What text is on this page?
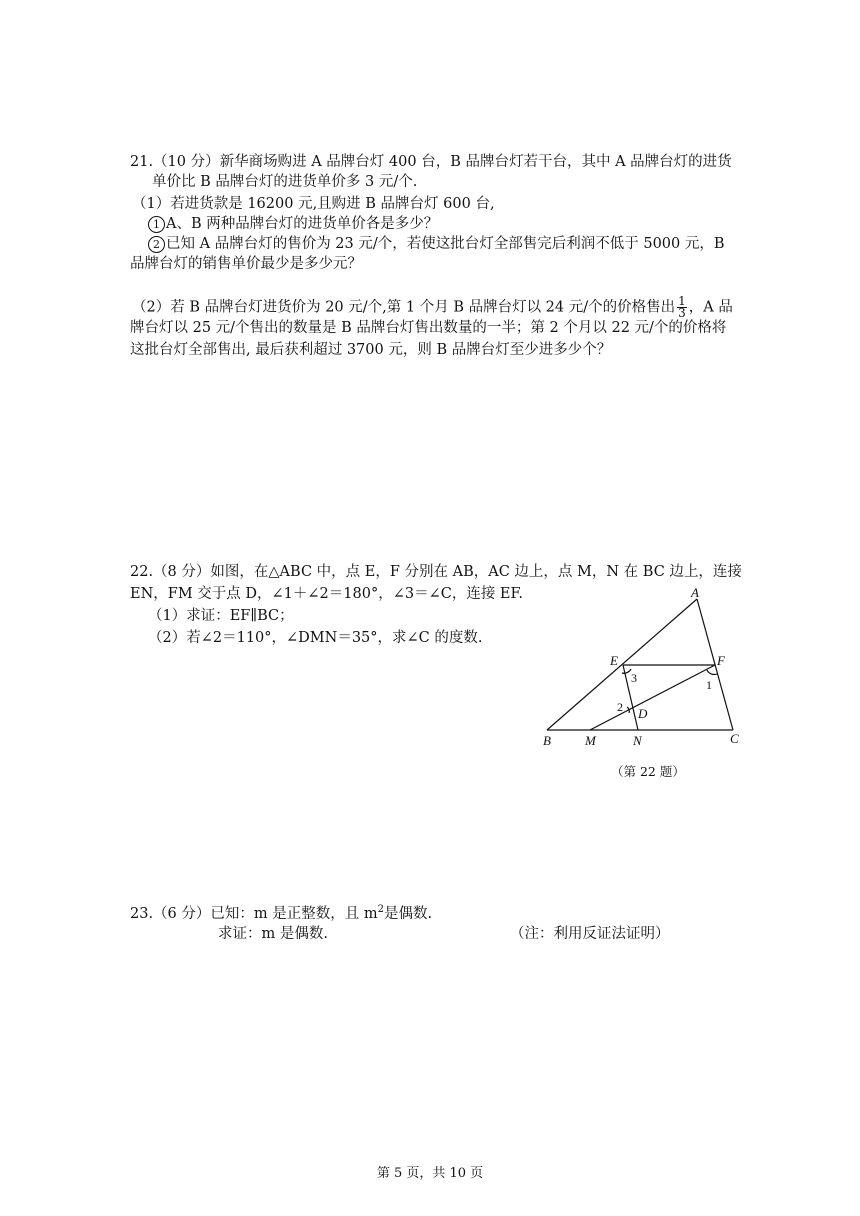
21.（10 分）新华商场购进 A 品牌台灯 400 台，B 品牌台灯若干台，其中 A 品牌台灯的进货
单价比 B 品牌台灯的进货单价多 3 元/个.
（1）若进货款是 16200 元,且购进 B 品牌台灯 600 台,
1 A、B 两种品牌台灯的进货单价各是多少？
2 已知 A 品牌台灯的售价为 23 元/个，若使这批台灯全部售完后利润不低于 5000 元，B
品牌台灯的销售单价最少是多少元？
（2）若 B 品牌台灯进货价为 20 元/个,第 1 个月 B 品牌台灯以 24 元/个的价格售出 $\frac{1}{3}$ ，A 品
牌台灯以 25 元/个售出的数量是 B 品牌台灯售出数量的一半；第 2 个月以 22 元/个的价格将
这批台灯全部售出, 最后获利超过 3700 元，则 B 品牌台灯至少进多少个？
22.（8 分）如图，在△ABC 中，点 E，F 分别在 AB，AC 边上，点 M，N 在 BC 边上，连接
EN，FM 交于点 D，∠1＋∠2＝180°，∠3＝∠C，连接 EF.
（1）求证：EF∥BC；
（2）若∠2＝110°，∠DMN＝35°，求∠C 的度数.
A
B	C
E	F
M	N
D
3	1
2
（第 22 题）
23.（6 分）已知：m 是正整数，且 $m^2$是偶数.
求证：m 是偶数.	（注：利用反证法证明）
第 5 页，共 10 页
